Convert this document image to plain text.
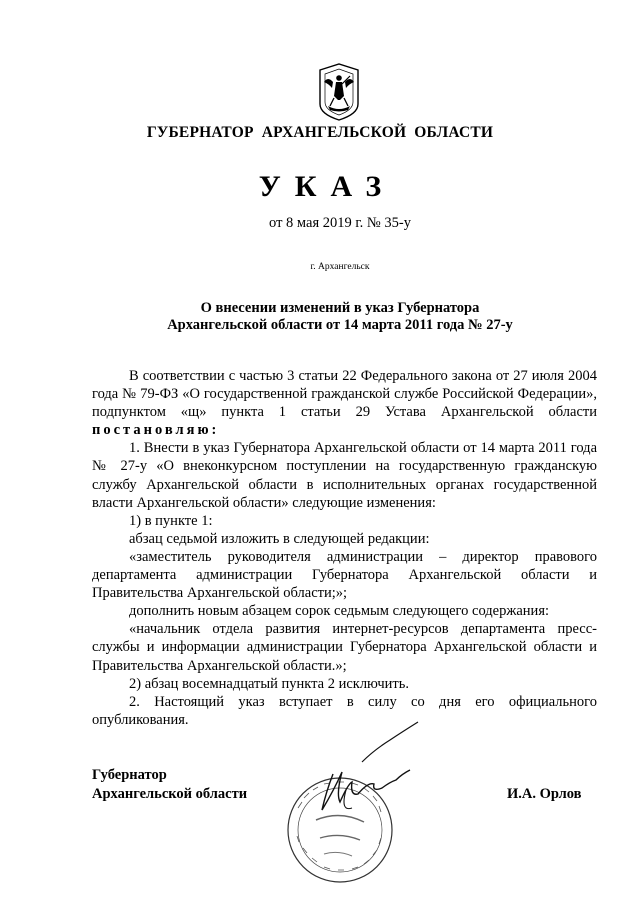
ГУБЕРНАТОР АРХАНГЕЛЬСКОЙ ОБЛАСТИ
УКАЗ
от 8 мая 2019 г. № 35-у
г. Архангельск
О внесении изменений в указ Губернатора
Архангельской области от 14 марта 2011 года № 27-у

В соответствии с частью 3 статьи 22 Федерального закона от 27 июля 2004 года № 79-ФЗ «О государственной гражданской службе Российской Федерации», подпунктом «щ» пункта 1 статьи 29 Устава Архангельской области постановляю:

1. Внести в указ Губернатора Архангельской области от 14 марта 2011 года № 27-у «О внеконкурсном поступлении на государственную гражданскую службу Архангельской области в исполнительных органах государственной власти Архангельской области» следующие изменения:

1) в пункте 1:

абзац седьмой изложить в следующей редакции:

«заместитель руководителя администрации – директор правового департамента администрации Губернатора Архангельской области и Правительства Архангельской области;»;

дополнить новым абзацем сорок седьмым следующего содержания:

«начальник отдела развития интернет-ресурсов департамента пресс-службы и информации администрации Губернатора Архангельской области и Правительства Архангельской области.»;

2) абзац восемнадцатый пункта 2 исключить.

2. Настоящий указ вступает в силу со дня его официального опубликования.

Губернатор
Архангельской области	И.А. Орлов
